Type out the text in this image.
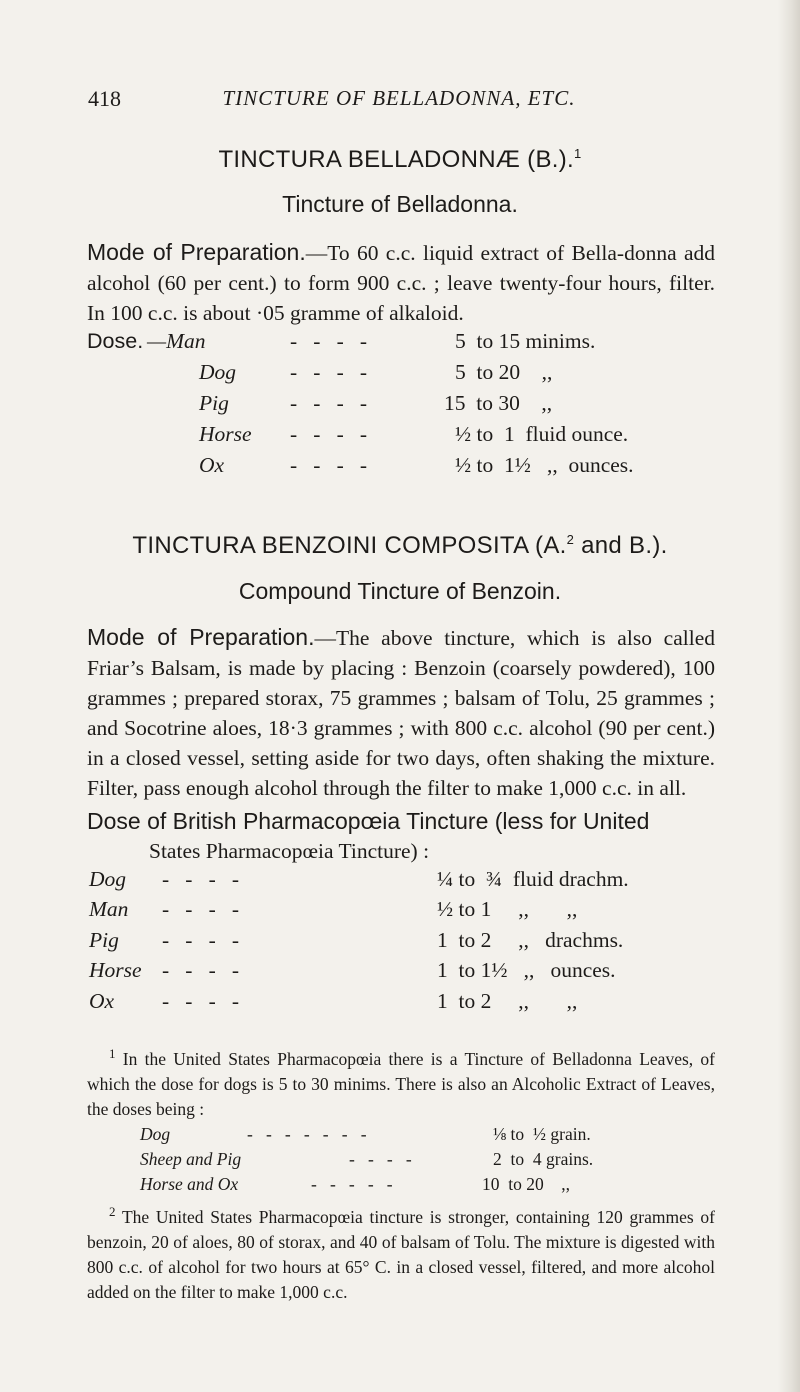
418	TINCTURE OF BELLADONNA, ETC.
TINCTURA BELLADONNÆ (B.).$^1$
Tincture of Belladonna.
Mode of Preparation.—To 60 c.c. liquid extract of Bella-donna add alcohol (60 per cent.) to form 900 c.c. ; leave twenty-four hours, filter. In 100 c.c. is about ·05 gramme of alkaloid.
Dose. —Man	-   -   -   -	5  to 15 minims.
Dog	-   -   -   -	5  to 20    ,,
Pig	-   -   -   -	15  to 30    ,,
Horse -   -   -   -	½ to  1  fluid ounce.
Ox	-   -   -   -	½ to  1½   ,,  ounces.
TINCTURA BENZOINI COMPOSITA (A.$^2$ and B.).
Compound Tincture of Benzoin.
Mode of Preparation.—The above tincture, which is also called Friar’s Balsam, is made by placing : Benzoin (coarsely powdered), 100 grammes ; prepared storax, 75 grammes ; balsam of Tolu, 25 grammes ; and Socotrine aloes, 18·3 grammes ; with 800 c.c. alcohol (90 per cent.) in a closed vessel, setting aside for two days, often shaking the mixture. Filter, pass enough alcohol through the filter to make 1,000 c.c. in all.
Dose of British Pharmacopœia Tincture (less for United
States Pharmacopœia Tincture) :
Dog -   -   -   -	¼ to  ¾  fluid drachm.
Man -   -   -   -	½ to 1     ,,       ,,
Pig -   -   -   -	1  to 2     ,,   drachms.
Horse -   -   -   -	1  to 1½   ,,   ounces.
Ox -   -   -   -	1  to 2     ,,       ,,
$^1$ In the United States Pharmacopœia there is a Tincture of Belladonna Leaves, of which the dose for dogs is 5 to 30 minims. There is also an Alcoholic Extract of Leaves, the doses being :
Dog	-   -   -   -   -   -   -	⅛ to  ½ grain.
Sheep and Pig	-   -   -   -	2  to  4 grains.
Horse and Ox	-   -   -   -   -	10  to 20    ,,
$^2$ The United States Pharmacopœia tincture is stronger, containing 120 grammes of benzoin, 20 of aloes, 80 of storax, and 40 of balsam of Tolu. The mixture is digested with 800 c.c. of alcohol for two hours at 65° C. in a closed vessel, filtered, and more alcohol added on the filter to make 1,000 c.c.
